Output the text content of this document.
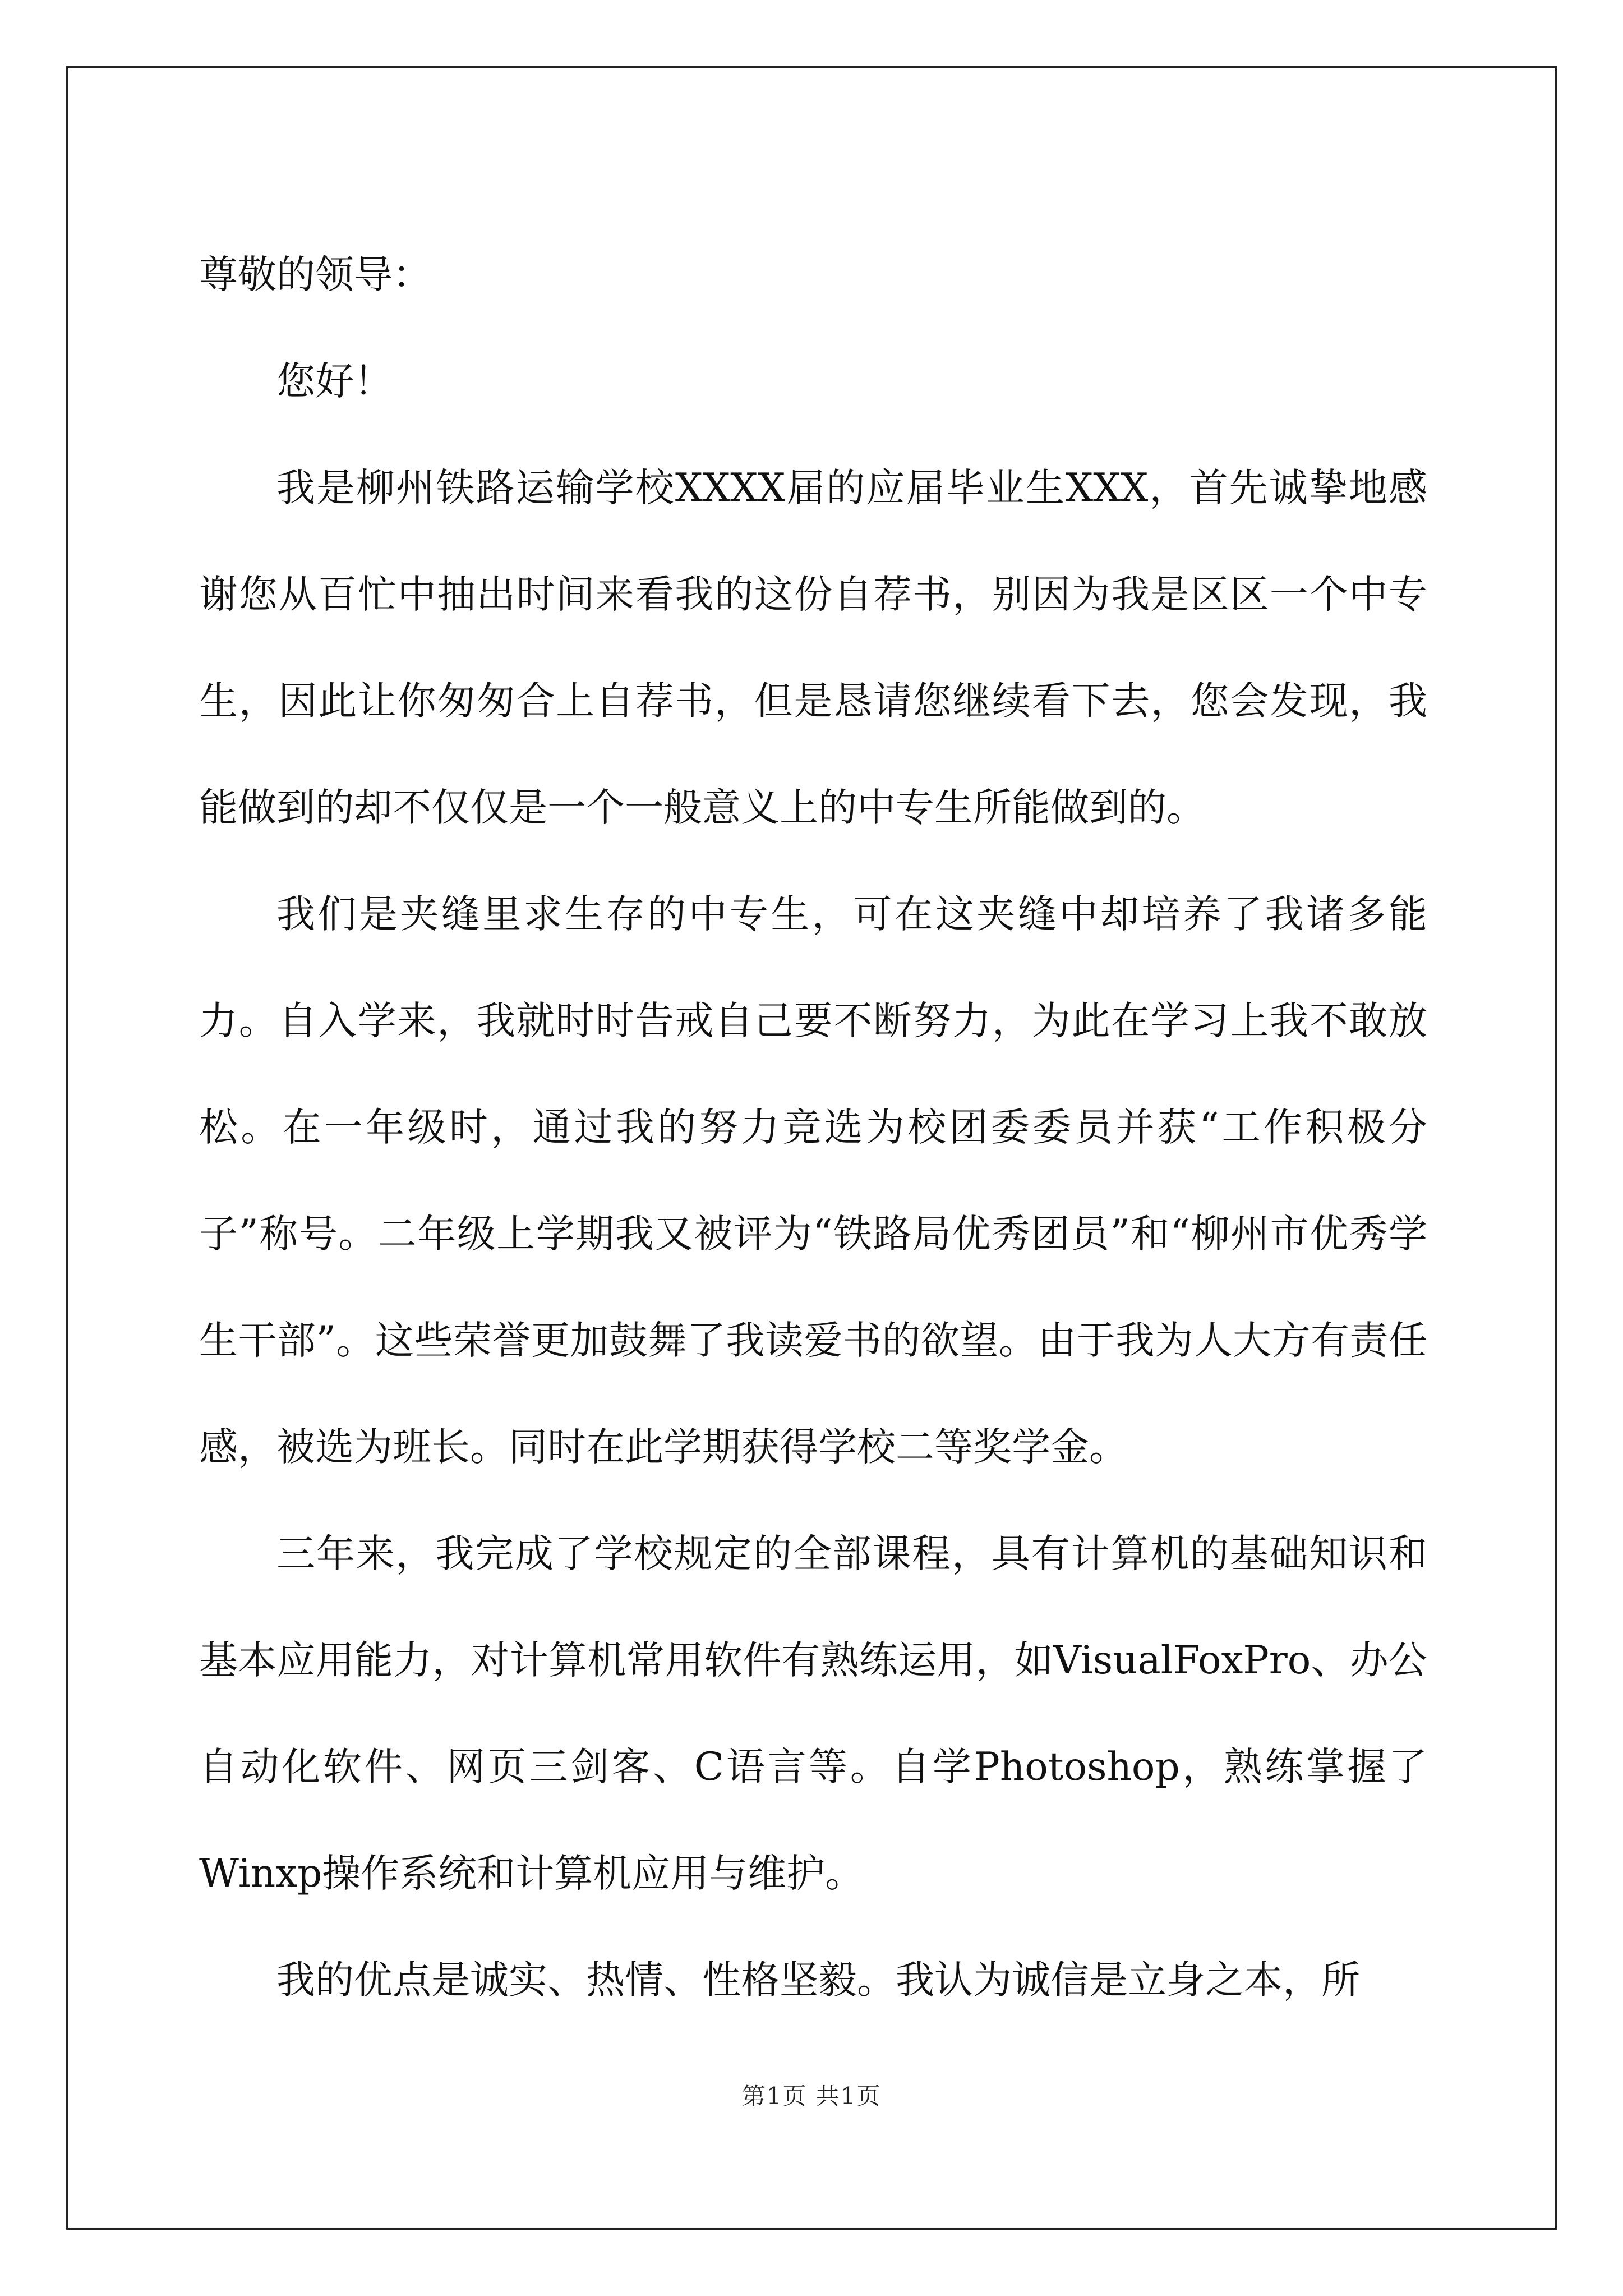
尊敬的领导：

您好！

我是柳州铁路运输学校XXXX届的应届毕业生XXX，首先诚挚地感谢您从百忙中抽出时间来看我的这份自荐书，别因为我是区区一个中专生，因此让你匆匆合上自荐书，但是恳请您继续看下去，您会发现，我能做到的却不仅仅是一个一般意义上的中专生所能做到的。

我们是夹缝里求生存的中专生，可在这夹缝中却培养了我诸多能力。自入学来，我就时时告戒自己要不断努力，为此在学习上我不敢放松。在一年级时，通过我的努力竞选为校团委委员并获“工作积极分子”称号。二年级上学期我又被评为“铁路局优秀团员”和“柳州市优秀学生干部”。这些荣誉更加鼓舞了我读爱书的欲望。由于我为人大方有责任感，被选为班长。同时在此学期获得学校二等奖学金。

三年来，我完成了学校规定的全部课程，具有计算机的基础知识和基本应用能力，对计算机常用软件有熟练运用，如VisualFoxPro、办公自动化软件、网页三剑客、C语言等。自学Photoshop，熟练掌握了Winxp操作系统和计算机应用与维护。

我的优点是诚实、热情、性格坚毅。我认为诚信是立身之本，所

第1页 共1页
